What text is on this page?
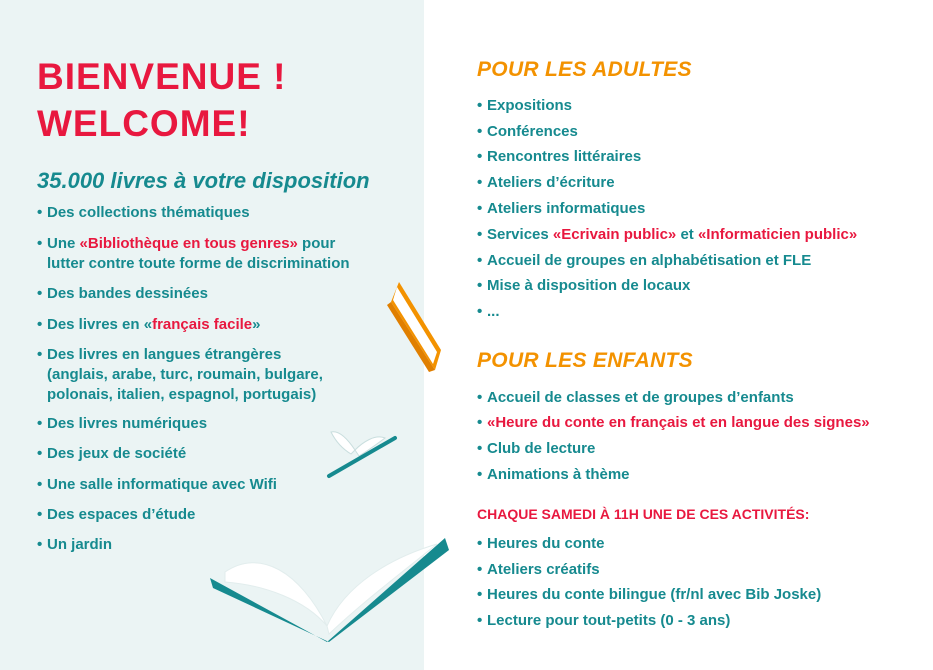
BIENVENUE !
WELCOME!
35.000 livres à votre disposition
• Des collections thématiques
• Une «Bibliothèque en tous genres» pour
lutter contre toute forme de discrimination
• Des bandes dessinées
• Des livres en «français facile»
• Des livres en langues étrangères
(anglais, arabe, turc, roumain, bulgare,
polonais, italien, espagnol, portugais)
• Des livres numériques
• Des jeux de société
• Une salle informatique avec Wifi
• Des espaces d’étude
• Un jardin
POUR LES ADULTES
• Expositions
• Conférences
• Rencontres littéraires
• Ateliers d’écriture
• Ateliers informatiques
• Services «Ecrivain public» et «Informaticien public»
• Accueil de groupes en alphabétisation et FLE
• Mise à disposition de locaux
• ...
POUR LES ENFANTS
• Accueil de classes et de groupes d’enfants
• «Heure du conte en français et en langue des signes»
• Club de lecture
• Animations à thème

CHAQUE SAMEDI À 11H UNE DE CES ACTIVITÉS:

• Heures du conte
• Ateliers créatifs
• Heures du conte bilingue (fr/nl avec Bib Joske)
• Lecture pour tout-petits (0 - 3 ans)
